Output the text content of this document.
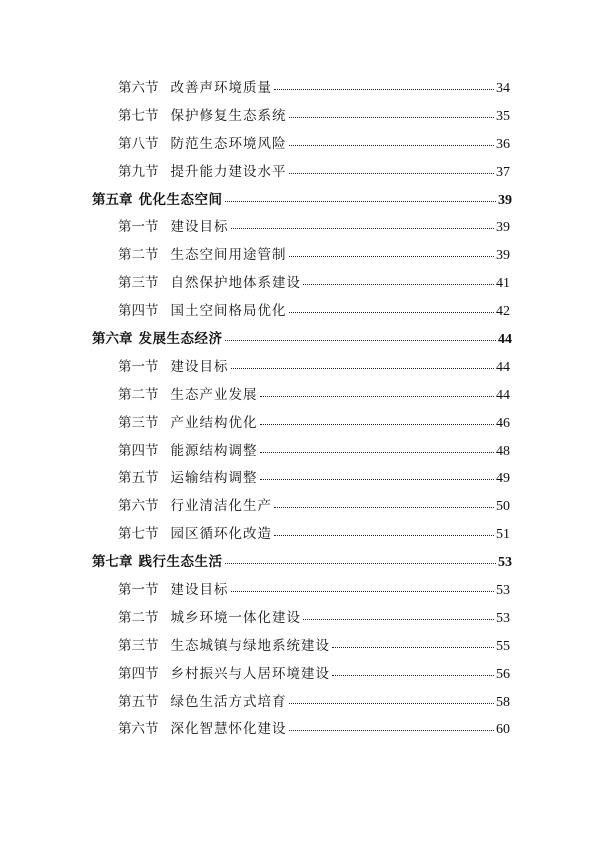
第六节 改善声环境质量	34
第七节 保护修复生态系统	35
第八节 防范生态环境风险	36
第九节 提升能力建设水平	37
第五章 优化生态空间	39
第一节 建设目标	39
第二节 生态空间用途管制	39
第三节 自然保护地体系建设	41
第四节 国土空间格局优化	42
第六章 发展生态经济	44
第一节 建设目标	44
第二节 生态产业发展	44
第三节 产业结构优化	46
第四节 能源结构调整	48
第五节 运输结构调整	49
第六节 行业清洁化生产	50
第七节 园区循环化改造	51
第七章 践行生态生活	53
第一节 建设目标	53
第二节 城乡环境一体化建设	53
第三节 生态城镇与绿地系统建设	55
第四节 乡村振兴与人居环境建设	56
第五节 绿色生活方式培育	58
第六节 深化智慧怀化建设	60
